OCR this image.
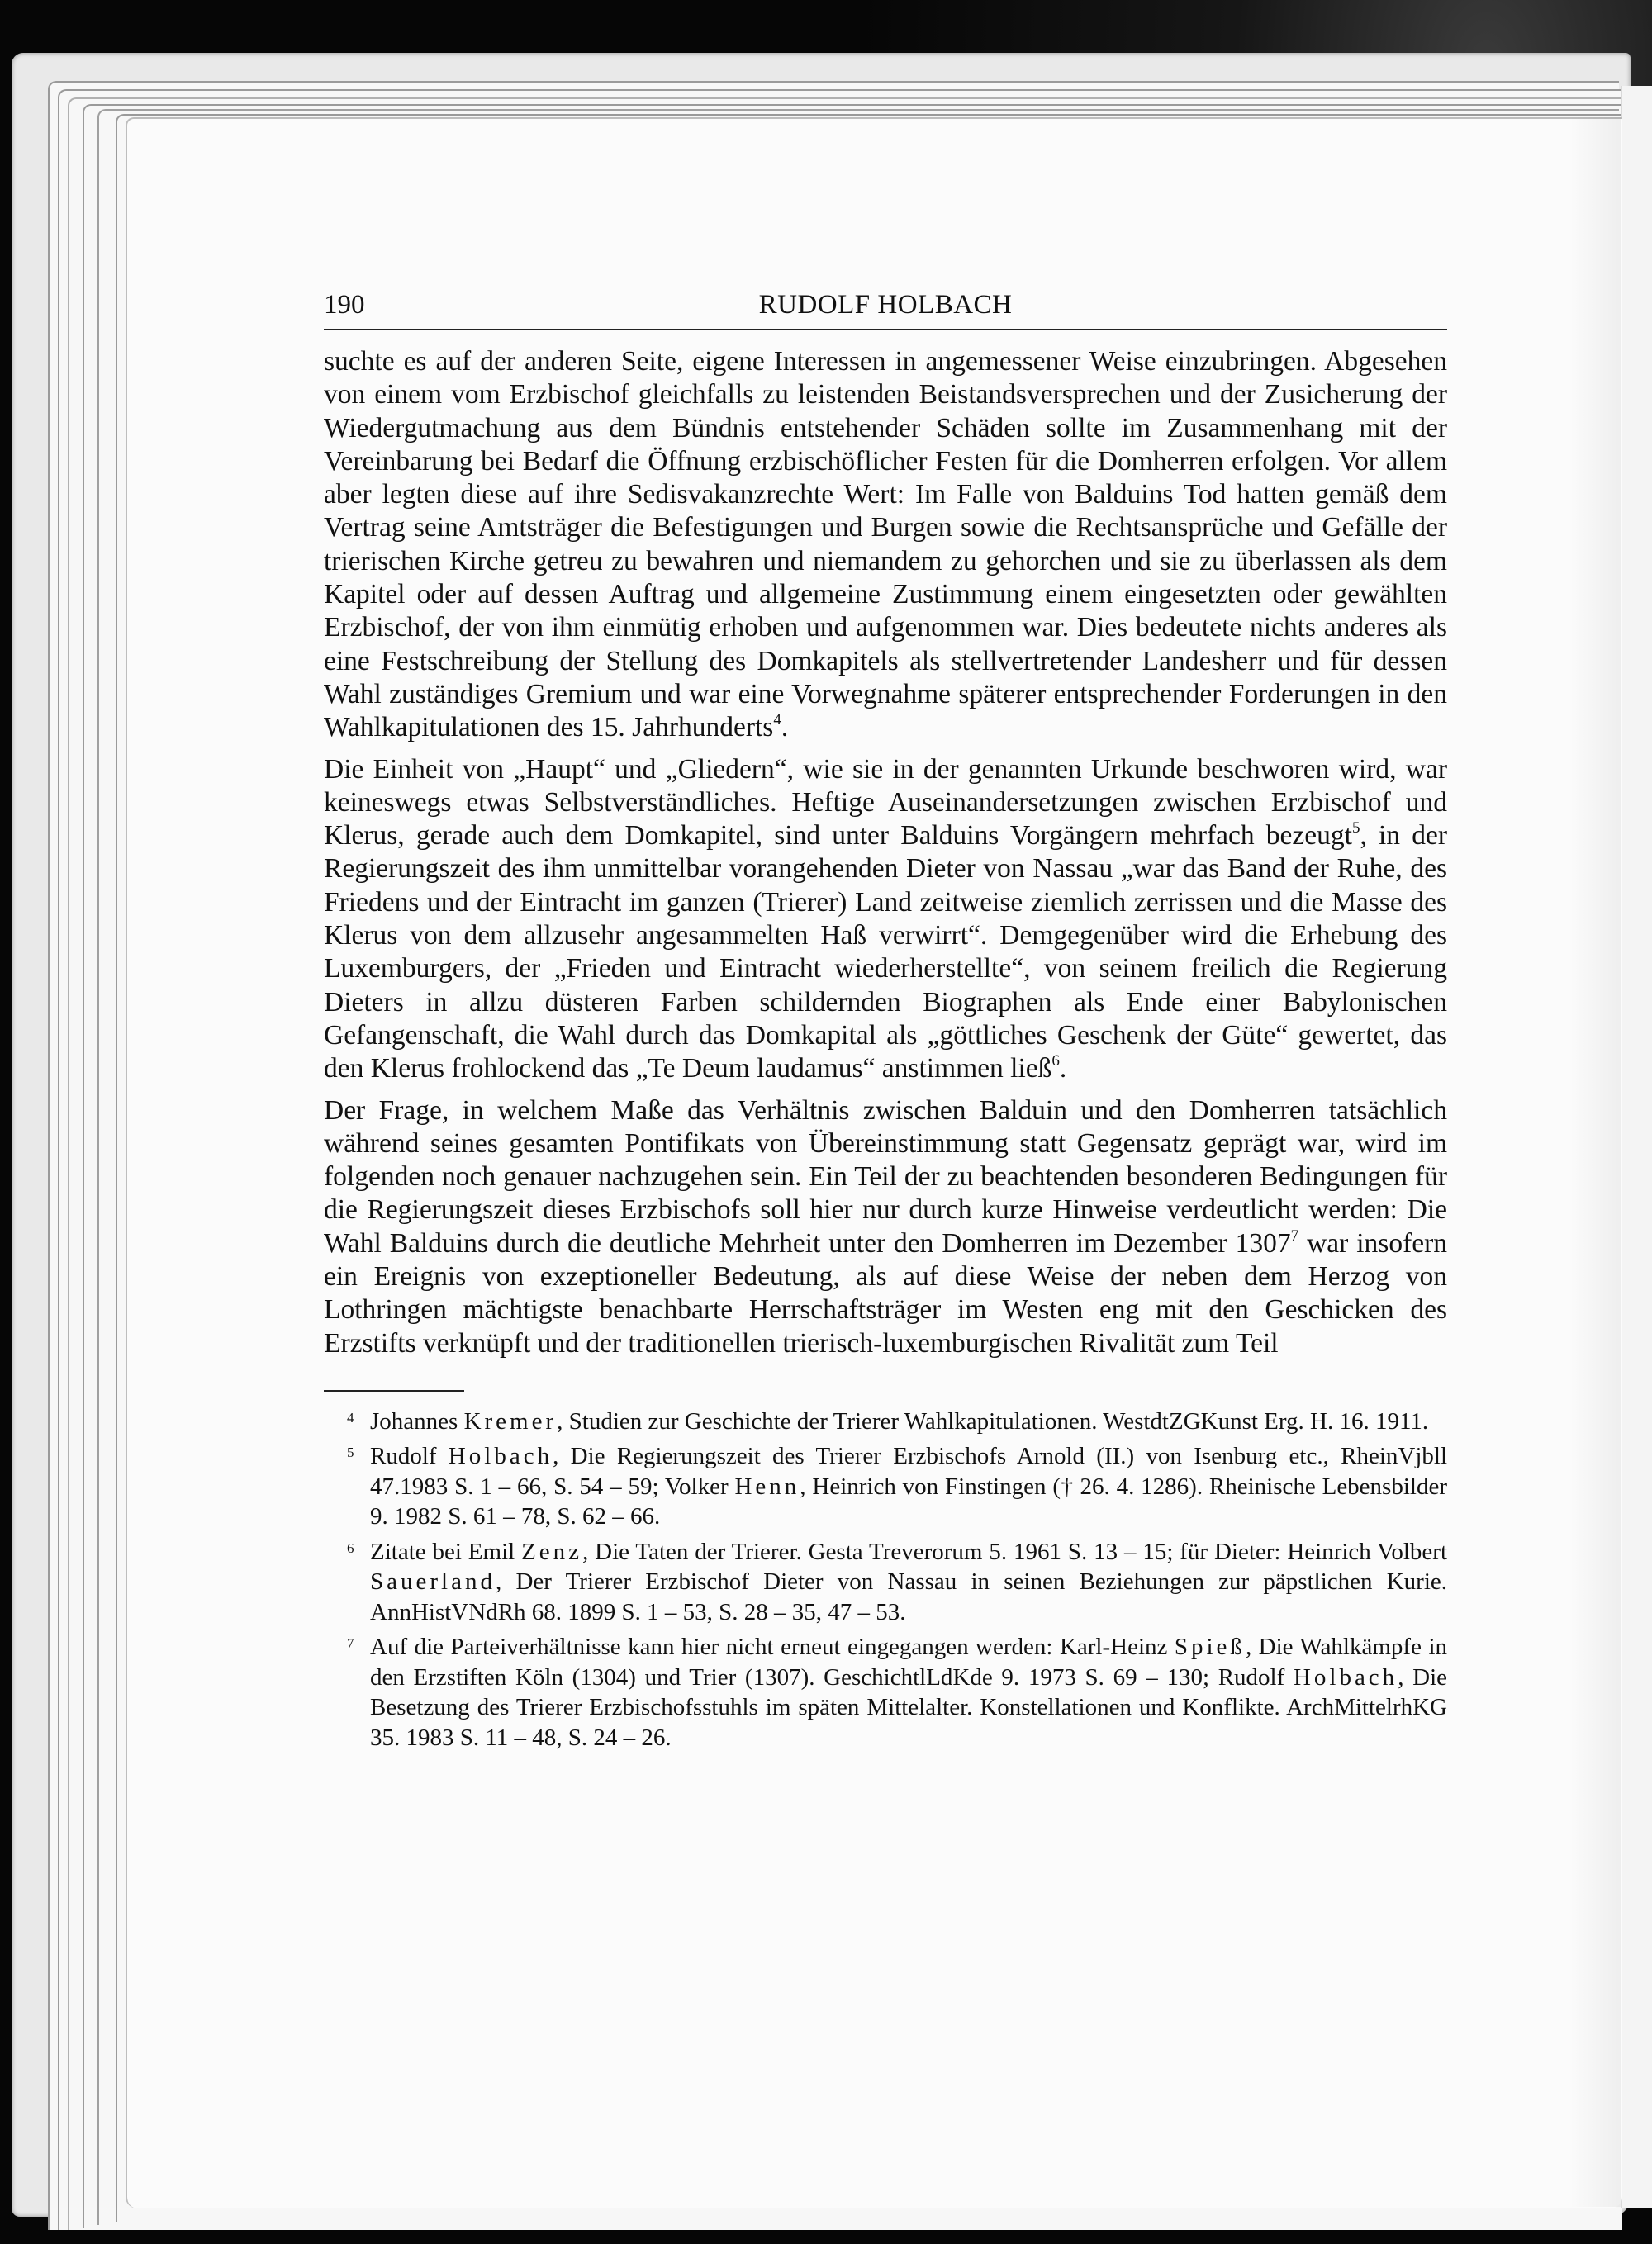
190	RUDOLF HOLBACH

suchte es auf der anderen Seite, eigene Interessen in angemessener Weise einzubringen. Abgesehen von einem vom Erzbischof gleichfalls zu leistenden Beistandsversprechen und der Zusicherung der Wiedergutmachung aus dem Bündnis entstehender Schäden sollte im Zusammenhang mit der Vereinbarung bei Bedarf die Öffnung erzbischöflicher Festen für die Domherren erfolgen. Vor allem aber legten diese auf ihre Sedisvakanzrechte Wert: Im Falle von Balduins Tod hatten gemäß dem Vertrag seine Amtsträger die Befestigungen und Burgen sowie die Rechtsansprüche und Gefälle der trierischen Kirche getreu zu bewahren und niemandem zu gehorchen und sie zu überlassen als dem Kapitel oder auf dessen Auftrag und allgemeine Zustimmung einem eingesetzten oder gewählten Erzbischof, der von ihm einmütig erhoben und aufgenommen war. Dies bedeutete nichts anderes als eine Festschreibung der Stellung des Domkapitels als stellvertretender Landesherr und für dessen Wahl zuständiges Gremium und war eine Vorwegnahme späterer entsprechender Forderungen in den Wahlkapitulationen des 15. Jahrhunderts$^4$.

Die Einheit von „Haupt“ und „Gliedern“, wie sie in der genannten Urkunde beschworen wird, war keineswegs etwas Selbstverständliches. Heftige Auseinandersetzungen zwischen Erzbischof und Klerus, gerade auch dem Domkapitel, sind unter Balduins Vorgängern mehrfach bezeugt$^5$, in der Regierungszeit des ihm unmittelbar vorangehenden Dieter von Nassau „war das Band der Ruhe, des Friedens und der Eintracht im ganzen (Trierer) Land zeitweise ziemlich zerrissen und die Masse des Klerus von dem allzusehr angesammelten Haß verwirrt“. Demgegenüber wird die Erhebung des Luxemburgers, der „Frieden und Eintracht wiederherstellte“, von seinem freilich die Regierung Dieters in allzu düsteren Farben schildernden Biographen als Ende einer Babylonischen Gefangenschaft, die Wahl durch das Domkapital als „göttliches Geschenk der Güte“ gewertet, das den Klerus frohlockend das „Te Deum laudamus“ anstimmen ließ$^6$.

Der Frage, in welchem Maße das Verhältnis zwischen Balduin und den Domherren tatsächlich während seines gesamten Pontifikats von Übereinstimmung statt Gegensatz geprägt war, wird im folgenden noch genauer nachzugehen sein. Ein Teil der zu beachtenden besonderen Bedingungen für die Regierungszeit dieses Erzbischofs soll hier nur durch kurze Hinweise verdeutlicht werden: Die Wahl Balduins durch die deutliche Mehrheit unter den Domherren im Dezember 1307$^7$ war insofern ein Ereignis von exzeptioneller Bedeutung, als auf diese Weise der neben dem Herzog von Lothringen mächtigste benachbarte Herrschaftsträger im Westen eng mit den Geschicken des Erzstifts verknüpft und der traditionellen trierisch-luxemburgischen Rivalität zum Teil

4 Johannes Kremer, Studien zur Geschichte der Trierer Wahlkapitulationen. WestdtZGKunst Erg. H. 16. 1911.

5 Rudolf Holbach, Die Regierungszeit des Trierer Erzbischofs Arnold (II.) von Isenburg etc., RheinVjbll 47.1983 S. 1 – 66, S. 54 – 59; Volker Henn, Heinrich von Finstingen († 26. 4. 1286). Rheinische Lebensbilder 9. 1982 S. 61 – 78, S. 62 – 66.

6 Zitate bei Emil Zenz, Die Taten der Trierer. Gesta Treverorum 5. 1961 S. 13 – 15; für Dieter: Heinrich Volbert Sauerland, Der Trierer Erzbischof Dieter von Nassau in seinen Beziehungen zur päpstlichen Kurie. AnnHistVNdRh 68. 1899 S. 1 – 53, S. 28 – 35, 47 – 53.

7 Auf die Parteiverhältnisse kann hier nicht erneut eingegangen werden: Karl-Heinz Spieß, Die Wahlkämpfe in den Erzstiften Köln (1304) und Trier (1307). GeschichtlLdKde 9. 1973 S. 69 – 130; Rudolf Holbach, Die Besetzung des Trierer Erzbischofsstuhls im späten Mittelalter. Konstellationen und Konflikte. ArchMittelrhKG 35. 1983 S. 11 – 48, S. 24 – 26.
